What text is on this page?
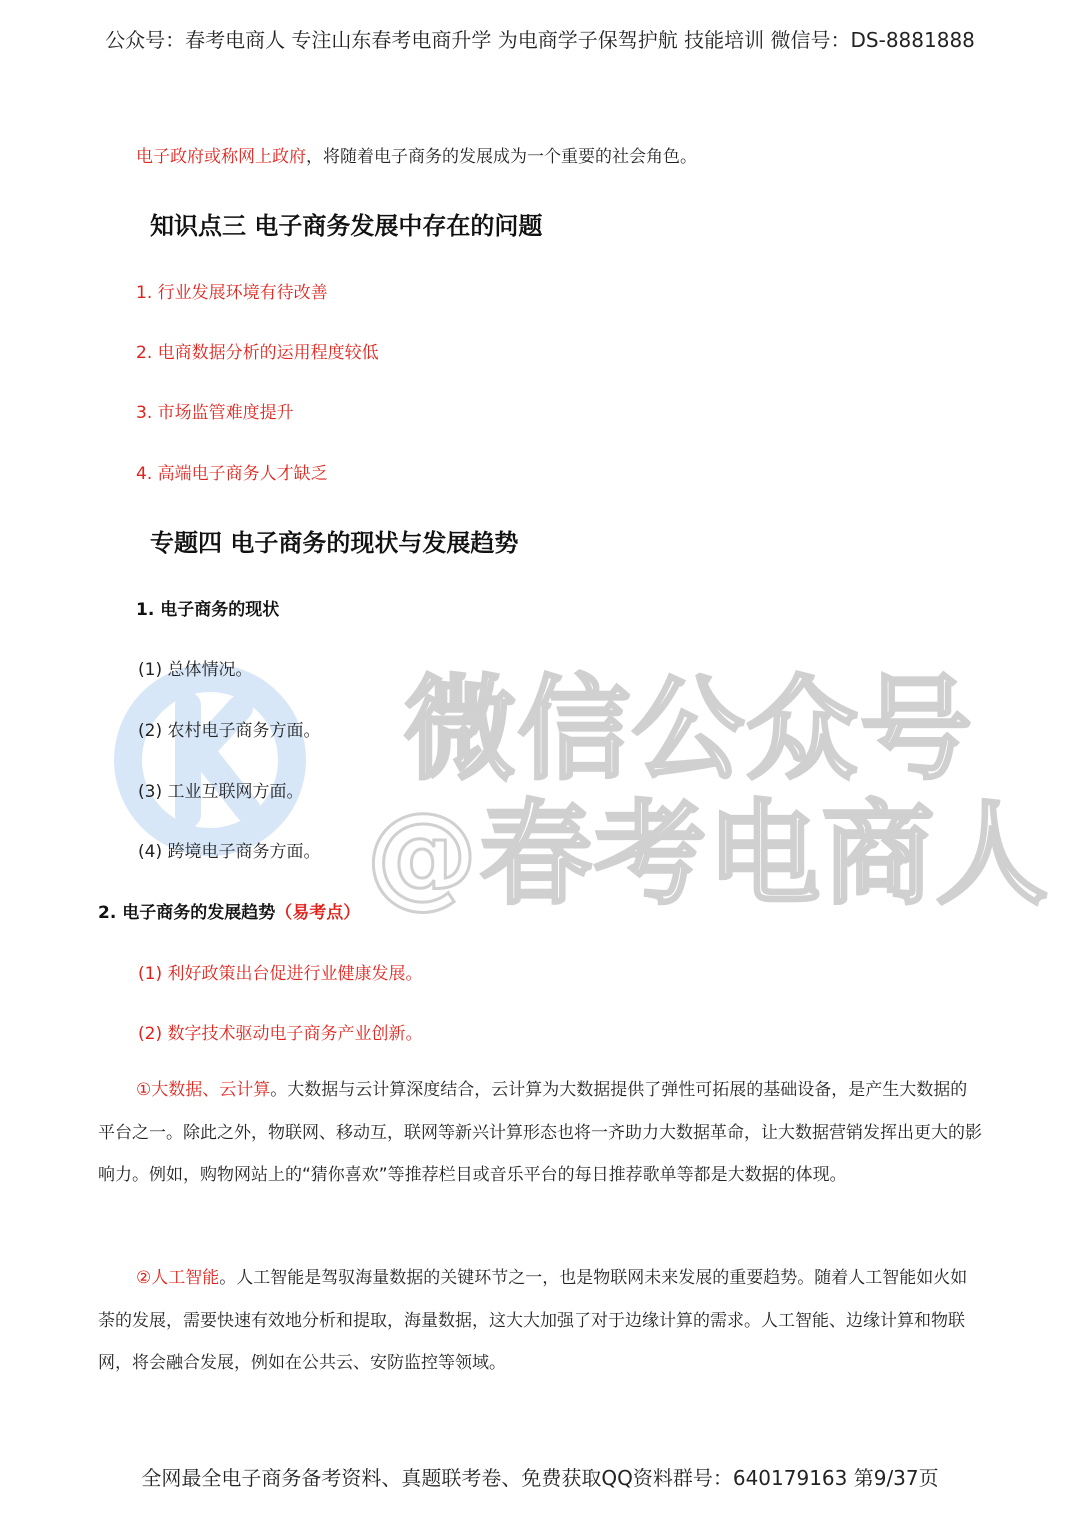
公众号：春考电商人 专注山东春考电商升学 为电商学子保驾护航 技能培训 微信号：DS-8881888
电子政府或称网上政府，将随着电子商务的发展成为一个重要的社会角色。
知识点三 电子商务发展中存在的问题
1. 行业发展环境有待改善
2. 电商数据分析的运用程度较低
3. 市场监管难度提升
4. 高端电子商务人才缺乏
专题四 电子商务的现状与发展趋势
1. 电子商务的现状
(1) 总体情况。
(2) 农村电子商务方面。
(3) 工业互联网方面。
(4) 跨境电子商务方面。
2. 电子商务的发展趋势（易考点）
(1) 利好政策出台促进行业健康发展。
(2) 数字技术驱动电子商务产业创新。
①大数据、云计算。大数据与云计算深度结合，云计算为大数据提供了弹性可拓展的基础设备，是产生大数据的平台之一。除此之外，物联网、移动互，联网等新兴计算形态也将一齐助力大数据革命，让大数据营销发挥出更大的影响力。例如，购物网站上的“猜你喜欢”等推荐栏目或音乐平台的每日推荐歌单等都是大数据的体现。
②人工智能。人工智能是驾驭海量数据的关键环节之一，也是物联网未来发展的重要趋势。随着人工智能如火如荼的发展，需要快速有效地分析和提取，海量数据，这大大加强了对于边缘计算的需求。人工智能、边缘计算和物联网，将会融合发展，例如在公共云、安防监控等领域。
微信公众号
@春考电商人
全网最全电子商务备考资料、真题联考卷、免费获取QQ资料群号：640179163 第9/37页
